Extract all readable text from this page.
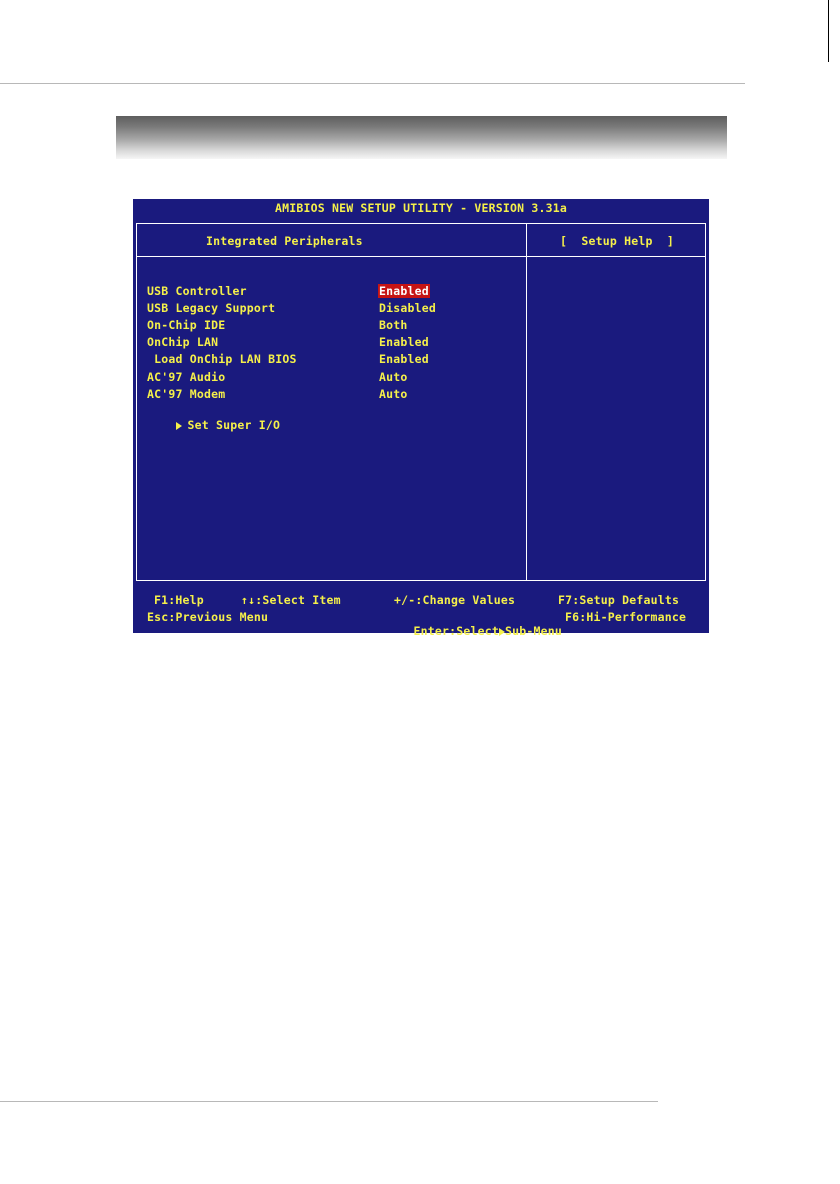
AMIBIOS NEW SETUP UTILITY - VERSION 3.31a
Integrated Peripherals	[  Setup Help  ]
USB Controller	Enabled
USB Legacy Support	Disabled
On-Chip IDE	Both
OnChip LAN	Enabled
Load OnChip LAN BIOS	Enabled
AC'97 Audio	Auto
AC'97 Modem	Auto

Set Super I/O

F1:Help	↑↓:Select Item	+/-:Change Values	F7:Setup Defaults
Esc:Previous Menu

Enter:Select Sub-Menu

F6:Hi-Performance
